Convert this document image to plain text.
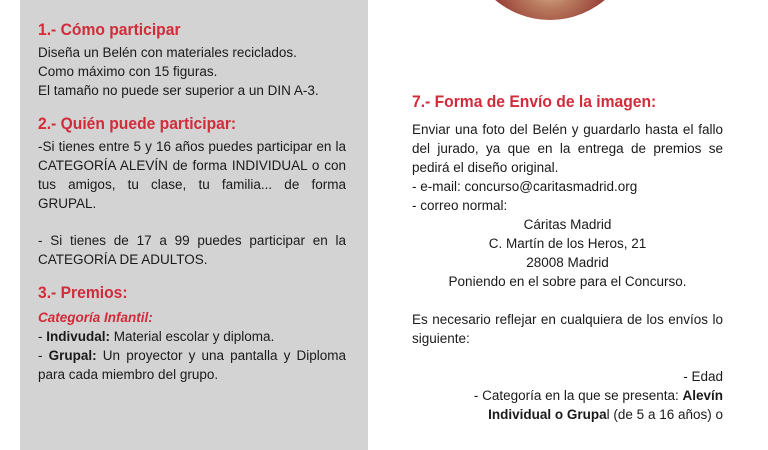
1.- Cómo participar
Diseña un Belén con materiales reciclados.
Como máximo con 15 figuras.
El tamaño no puede ser superior a un DIN A-3.
2.- Quién puede participar:
-Si tienes entre 5 y 16 años puedes participar en la CATEGORÍA ALEVÍN de forma INDIVIDUAL o con tus amigos, tu clase, tu familia... de forma GRUPAL.
- Si tienes de 17 a 99 puedes participar en la CATEGORÍA DE ADULTOS.
3.- Premios:
Categoría Infantil:
- Indivudal: Material escolar y diploma.
- Grupal: Un proyector y una pantalla y Diploma para cada miembro del grupo.
7.- Forma de Envío de la imagen:
Enviar una foto del Belén y guardarlo hasta el fallo del jurado, ya que en la entrega de premios se pedirá el diseño original.
- e-mail: concurso@caritasmadrid.org
- correo normal:
Cáritas Madrid
C. Martín de los Heros, 21
28008 Madrid
Poniendo en el sobre para el Concurso.
Es necesario reflejar en cualquiera de los envíos lo siguiente:
- Edad
- Categoría en la que se presenta: Alevín
Individual o Grupal (de 5 a 16 años) o
